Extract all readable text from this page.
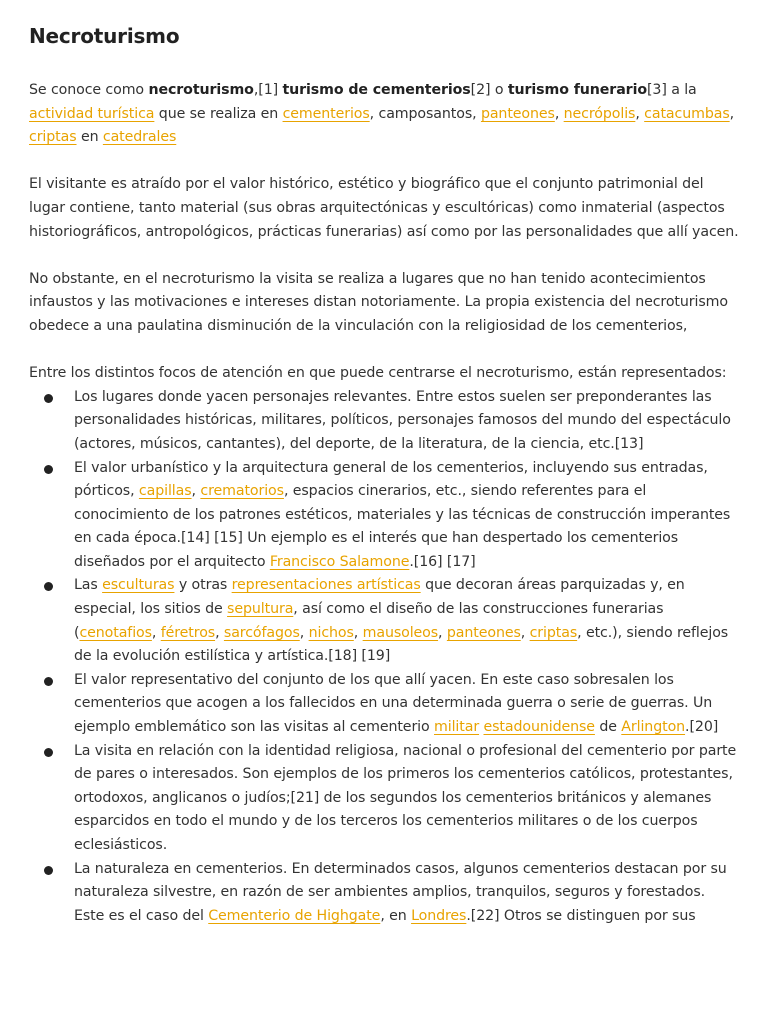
Necroturismo

Se conoce como necroturismo,[1] turismo de cementerios[2] o turismo funerario[3] a la actividad turística que se realiza en cementerios, camposantos, panteones, necrópolis, catacumbas, criptas en catedrales

El visitante es atraído por el valor histórico, estético y biográfico que el conjunto patrimonial del lugar contiene, tanto material (sus obras arquitectónicas y escultóricas) como inmaterial (aspectos historiográficos, antropológicos, prácticas funerarias) así como por las personalidades que allí yacen.

No obstante, en el necroturismo la visita se realiza a lugares que no han tenido acontecimientos infaustos y las motivaciones e intereses distan notoriamente. La propia existencia del necroturismo obedece a una paulatina disminución de la vinculación con la religiosidad de los cementerios,

Entre los distintos focos de atención en que puede centrarse el necroturismo, están representados:

Los lugares donde yacen personajes relevantes. Entre estos suelen ser preponderantes las personalidades históricas, militares, políticos, personajes famosos del mundo del espectáculo (actores, músicos, cantantes), del deporte, de la literatura, de la ciencia, etc.[13]
El valor urbanístico y la arquitectura general de los cementerios, incluyendo sus entradas, pórticos, capillas, crematorios, espacios cinerarios, etc., siendo referentes para el conocimiento de los patrones estéticos, materiales y las técnicas de construcción imperantes en cada época.[14] [15] Un ejemplo es el interés que han despertado los cementerios diseñados por el arquitecto Francisco Salamone.[16] [17]
Las esculturas y otras representaciones artísticas que decoran áreas parquizadas y, en especial, los sitios de sepultura, así como el diseño de las construcciones funerarias (cenotafios, féretros, sarcófagos, nichos, mausoleos, panteones, criptas, etc.), siendo reflejos de la evolución estilística y artística.[18] [19]
El valor representativo del conjunto de los que allí yacen. En este caso sobresalen los cementerios que acogen a los fallecidos en una determinada guerra o serie de guerras. Un ejemplo emblemático son las visitas al cementerio militar estadounidense de Arlington.[20]
La visita en relación con la identidad religiosa, nacional o profesional del cementerio por parte de pares o interesados. Son ejemplos de los primeros los cementerios católicos, protestantes, ortodoxos, anglicanos o judíos;[21] de los segundos los cementerios británicos y alemanes esparcidos en todo el mundo y de los terceros los cementerios militares o de los cuerpos eclesiásticos.
La naturaleza en cementerios. En determinados casos, algunos cementerios destacan por su naturaleza silvestre, en razón de ser ambientes amplios, tranquilos, seguros y forestados. Este es el caso del Cementerio de Highgate, en Londres.[22] Otros se distinguen por sus
